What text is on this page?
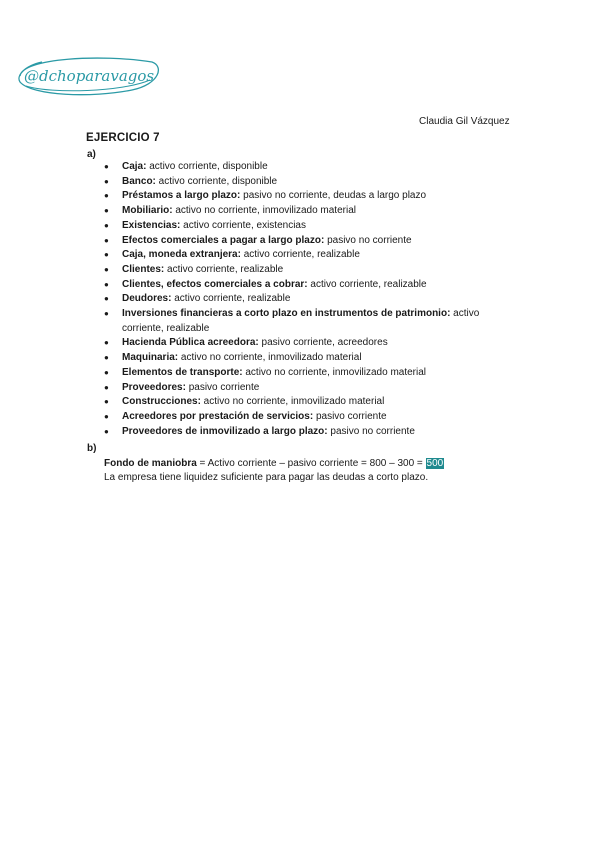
@dchoparavagos
Claudia Gil Vázquez
EJERCICIO 7
a)
● Caja: activo corriente, disponible
● Banco: activo corriente, disponible
● Préstamos a largo plazo: pasivo no corriente, deudas a largo plazo
● Mobiliario: activo no corriente, inmovilizado material
● Existencias: activo corriente, existencias
● Efectos comerciales a pagar a largo plazo: pasivo no corriente
● Caja, moneda extranjera: activo corriente, realizable
● Clientes: activo corriente, realizable
● Clientes, efectos comerciales a cobrar: activo corriente, realizable
● Deudores: activo corriente, realizable
● Inversiones financieras a corto plazo en instrumentos de patrimonio: activo corriente, realizable
● Hacienda Pública acreedora: pasivo corriente, acreedores
● Maquinaria: activo no corriente, inmovilizado material
● Elementos de transporte: activo no corriente, inmovilizado material
● Proveedores: pasivo corriente
● Construcciones: activo no corriente, inmovilizado material
● Acreedores por prestación de servicios: pasivo corriente
● Proveedores de inmovilizado a largo plazo: pasivo no corriente
b)
Fondo de maniobra = Activo corriente – pasivo corriente = 800 – 300 = 500
La empresa tiene liquidez suficiente para pagar las deudas a corto plazo.
